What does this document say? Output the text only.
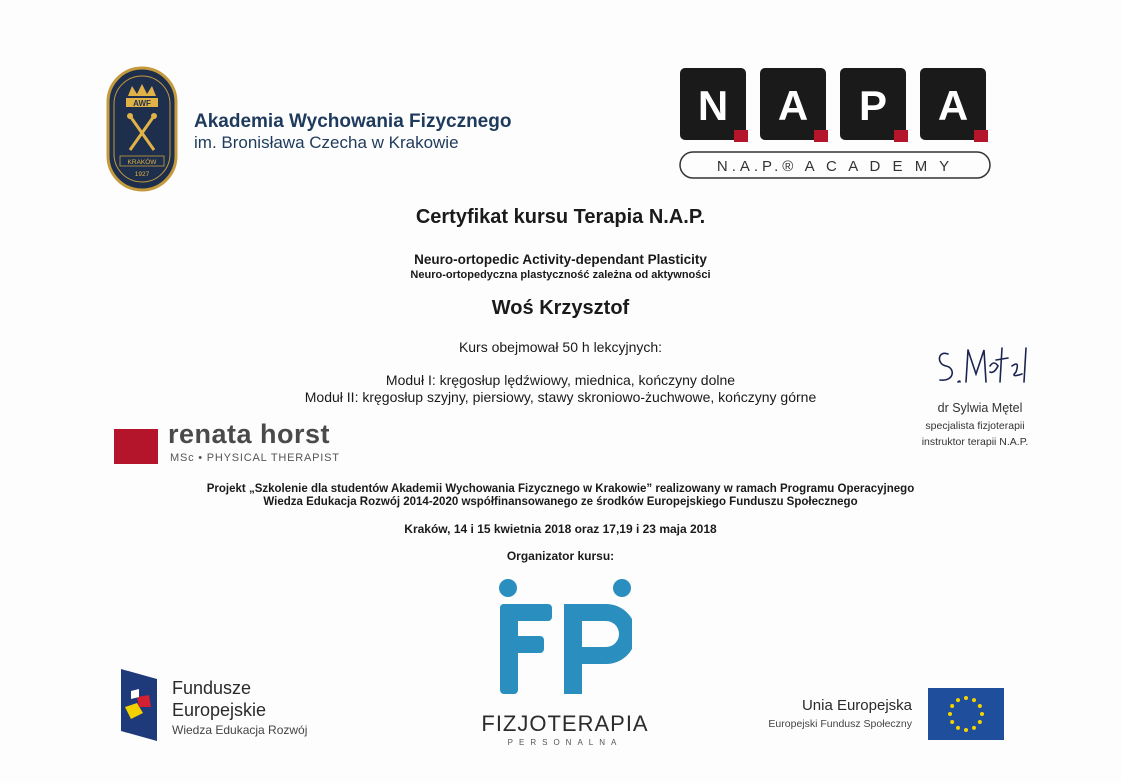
AWF
KRAKÓW
1927
Akademia Wychowania Fizycznego
im. Bronisława Czecha w Krakowie
N A P A
N.A.P.® A C A D E M Y
Certyfikat kursu Terapia N.A.P.
Neuro-ortopedic Activity-dependant Plasticity
Neuro-ortopedyczna plastyczność zależna od aktywności
Woś Krzysztof
Kurs obejmował 50 h lekcyjnych:
Moduł I: kręgosłup lędźwiowy, miednica, kończyny dolne
Moduł II: kręgosłup szyjny, piersiowy, stawy skroniowo-żuchwowe, kończyny górne
dr Sylwia Mętel
specjalista fizjoterapii
instruktor terapii N.A.P.
renata horst
MSc • PHYSICAL THERAPIST
Projekt „Szkolenie dla studentów Akademii Wychowania Fizycznego w Krakowie” realizowany w ramach Programu Operacyjnego
Wiedza Edukacja Rozwój 2014-2020 współfinansowanego ze środków Europejskiego Funduszu Społecznego
Kraków, 14 i 15 kwietnia 2018 oraz 17,19 i 23 maja 2018
Organizator kursu:
FIZJOTERAPIA
PERSONALNA
Fundusze
Europejskie
Wiedza Edukacja Rozwój
Unia Europejska
Europejski Fundusz Społeczny
